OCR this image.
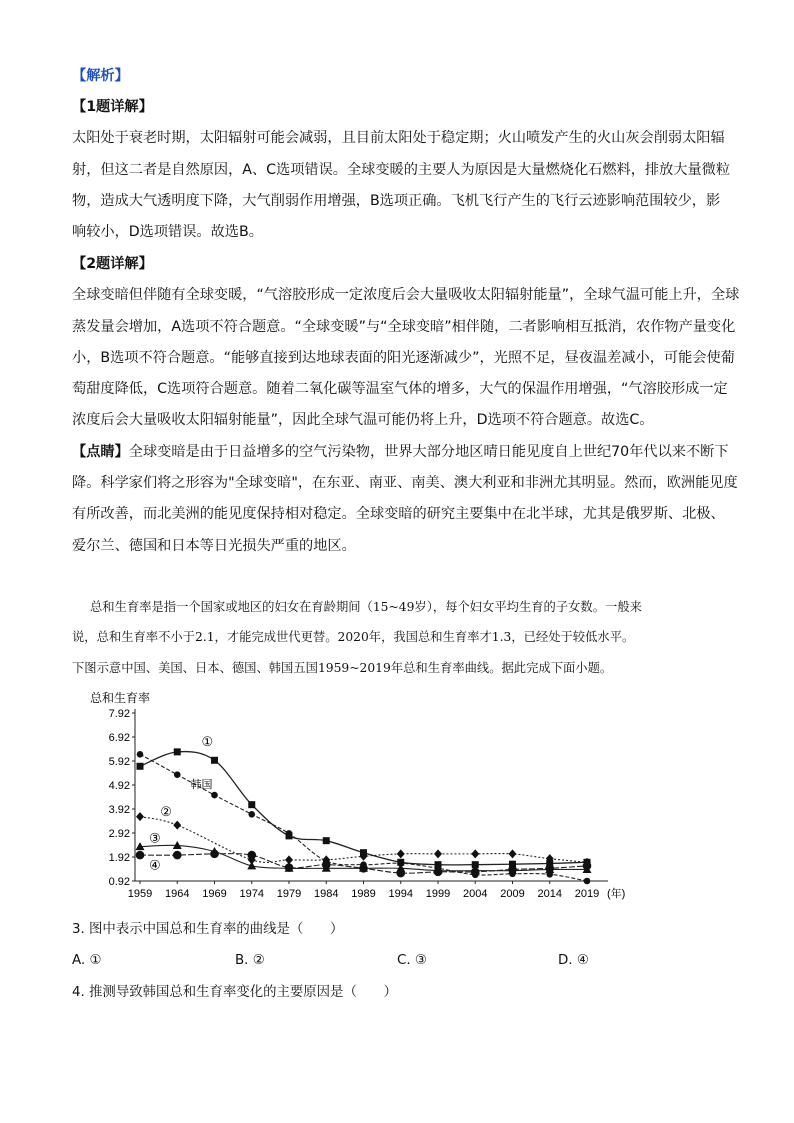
【解析】
【1题详解】
太阳处于衰老时期，太阳辐射可能会减弱，且目前太阳处于稳定期；火山喷发产生的火山灰会削弱太阳辐
射，但这二者是自然原因，A、C选项错误。全球变暖的主要人为原因是大量燃烧化石燃料，排放大量微粒
物，造成大气透明度下降，大气削弱作用增强，B选项正确。飞机飞行产生的飞行云迹影响范围较少，影
响较小，D选项错误。故选B。
【2题详解】
全球变暗但伴随有全球变暖，“气溶胶形成一定浓度后会大量吸收太阳辐射能量”，全球气温可能上升，全球
蒸发量会增加，A选项不符合题意。“全球变暖”与“全球变暗”相伴随，二者影响相互抵消，农作物产量变化
小，B选项不符合题意。“能够直接到达地球表面的阳光逐渐减少”，光照不足，昼夜温差减小，可能会使葡
萄甜度降低，C选项符合题意。随着二氧化碳等温室气体的增多，大气的保温作用增强，“气溶胶形成一定
浓度后会大量吸收太阳辐射能量”，因此全球气温可能仍将上升，D选项不符合题意。故选C。
【点睛】全球变暗是由于日益增多的空气污染物，世界大部分地区晴日能见度自上世纪70年代以来不断下
降。科学家们将之形容为"全球变暗"，在东亚、南亚、南美、澳大利亚和非洲尤其明显。然而，欧洲能见度
有所改善，而北美洲的能见度保持相对稳定。全球变暗的研究主要集中在北半球，尤其是俄罗斯、北极、
爱尔兰、德国和日本等日光损失严重的地区。
总和生育率是指一个国家或地区的妇女在育龄期间（15~49岁），每个妇女平均生育的子女数。一般来
说，总和生育率不小于2.1，才能完成世代更替。2020年，我国总和生育率才1.3，已经处于较低水平。
下图示意中国、美国、日本、德国、韩国五国1959~2019年总和生育率曲线。据此完成下面小题。
总和生育率
7.92
6.92
5.92
4.92
3.92
2.92
1.92
0.92
1959 1964 1969 1974 1979 1984 1989 1994 1999 2004 2009 2014 2019 (年)
①
韩国
②
③
④
3. 图中表示中国总和生育率的曲线是（　　）
A. ①	B. ②	C. ③	D. ④
4. 推测导致韩国总和生育率变化的主要原因是（　　）
